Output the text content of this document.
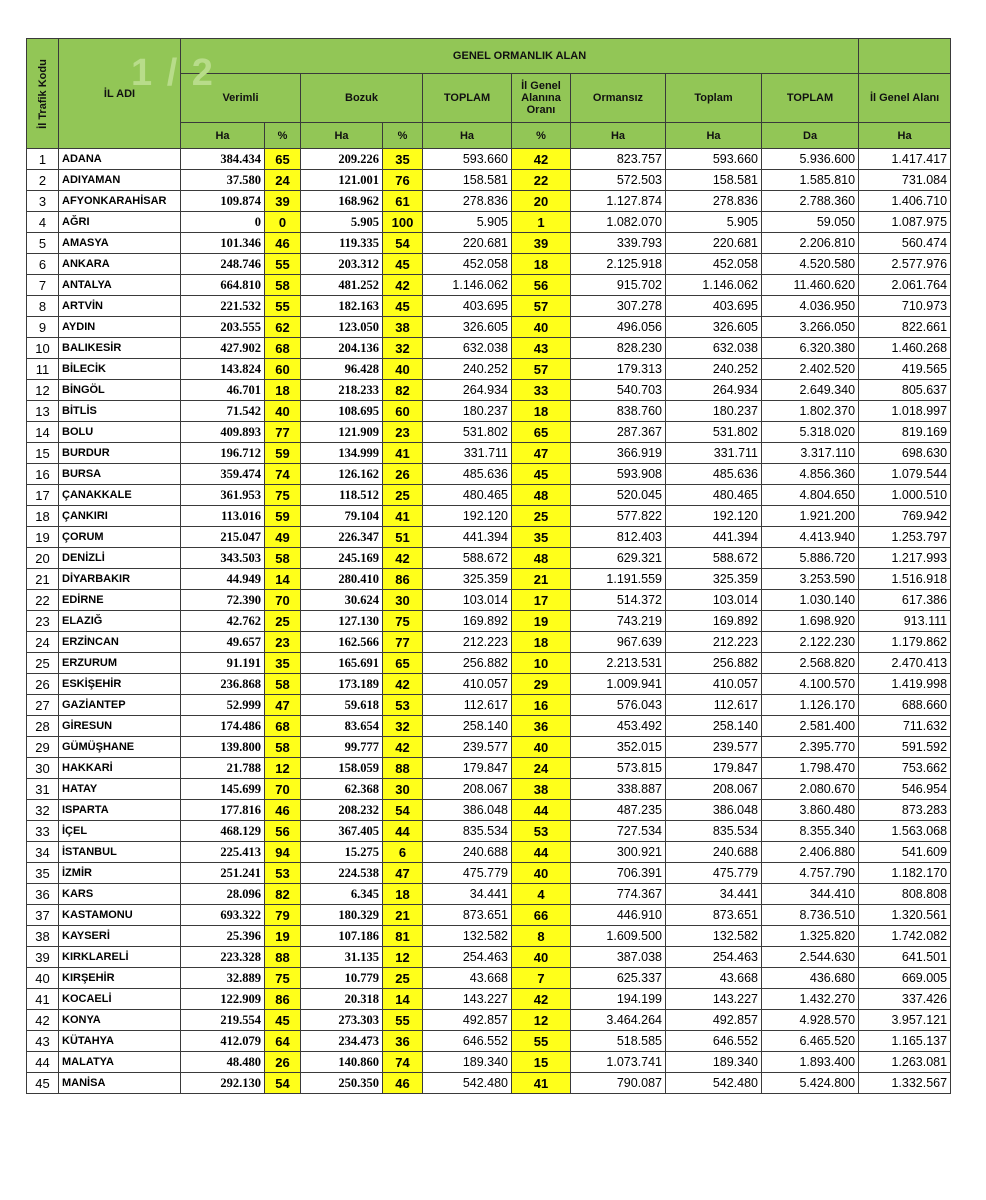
İl Trafik Kodu	1 / 2
İL ADI	GENEL ORMANLIK ALAN									
		Verimli		Bozuk		TOPLAM	İl Genel Alanına Oranı	Ormansız	Toplam	TOPLAM	İl Genel Alanı
		Ha	%	Ha	%	Ha	%	Ha	Ha	Da	Ha
1	ADANA	384.434	65	209.226	35	593.660	42	823.757	593.660	5.936.600	1.417.417
2	ADIYAMAN	37.580	24	121.001	76	158.581	22	572.503	158.581	1.585.810	731.084
3	AFYONKARAHİSAR	109.874	39	168.962	61	278.836	20	1.127.874	278.836	2.788.360	1.406.710
4	AĞRI	0	0	5.905	100	5.905	1	1.082.070	5.905	59.050	1.087.975
5	AMASYA	101.346	46	119.335	54	220.681	39	339.793	220.681	2.206.810	560.474
6	ANKARA	248.746	55	203.312	45	452.058	18	2.125.918	452.058	4.520.580	2.577.976
7	ANTALYA	664.810	58	481.252	42	1.146.062	56	915.702	1.146.062	11.460.620	2.061.764
8	ARTVİN	221.532	55	182.163	45	403.695	57	307.278	403.695	4.036.950	710.973
9	AYDIN	203.555	62	123.050	38	326.605	40	496.056	326.605	3.266.050	822.661
10	BALIKESİR	427.902	68	204.136	32	632.038	43	828.230	632.038	6.320.380	1.460.268
11	BİLECİK	143.824	60	96.428	40	240.252	57	179.313	240.252	2.402.520	419.565
12	BİNGÖL	46.701	18	218.233	82	264.934	33	540.703	264.934	2.649.340	805.637
13	BİTLİS	71.542	40	108.695	60	180.237	18	838.760	180.237	1.802.370	1.018.997
14	BOLU	409.893	77	121.909	23	531.802	65	287.367	531.802	5.318.020	819.169
15	BURDUR	196.712	59	134.999	41	331.711	47	366.919	331.711	3.317.110	698.630
16	BURSA	359.474	74	126.162	26	485.636	45	593.908	485.636	4.856.360	1.079.544
17	ÇANAKKALE	361.953	75	118.512	25	480.465	48	520.045	480.465	4.804.650	1.000.510
18	ÇANKIRI	113.016	59	79.104	41	192.120	25	577.822	192.120	1.921.200	769.942
19	ÇORUM	215.047	49	226.347	51	441.394	35	812.403	441.394	4.413.940	1.253.797
20	DENİZLİ	343.503	58	245.169	42	588.672	48	629.321	588.672	5.886.720	1.217.993
21	DİYARBAKIR	44.949	14	280.410	86	325.359	21	1.191.559	325.359	3.253.590	1.516.918
22	EDİRNE	72.390	70	30.624	30	103.014	17	514.372	103.014	1.030.140	617.386
23	ELAZIĞ	42.762	25	127.130	75	169.892	19	743.219	169.892	1.698.920	913.111
24	ERZİNCAN	49.657	23	162.566	77	212.223	18	967.639	212.223	2.122.230	1.179.862
25	ERZURUM	91.191	35	165.691	65	256.882	10	2.213.531	256.882	2.568.820	2.470.413
26	ESKİŞEHİR	236.868	58	173.189	42	410.057	29	1.009.941	410.057	4.100.570	1.419.998
27	GAZİANTEP	52.999	47	59.618	53	112.617	16	576.043	112.617	1.126.170	688.660
28	GİRESUN	174.486	68	83.654	32	258.140	36	453.492	258.140	2.581.400	711.632
29	GÜMÜŞHANE	139.800	58	99.777	42	239.577	40	352.015	239.577	2.395.770	591.592
30	HAKKARİ	21.788	12	158.059	88	179.847	24	573.815	179.847	1.798.470	753.662
31	HATAY	145.699	70	62.368	30	208.067	38	338.887	208.067	2.080.670	546.954
32	ISPARTA	177.816	46	208.232	54	386.048	44	487.235	386.048	3.860.480	873.283
33	İÇEL	468.129	56	367.405	44	835.534	53	727.534	835.534	8.355.340	1.563.068
34	İSTANBUL	225.413	94	15.275	6	240.688	44	300.921	240.688	2.406.880	541.609
35	İZMİR	251.241	53	224.538	47	475.779	40	706.391	475.779	4.757.790	1.182.170
36	KARS	28.096	82	6.345	18	34.441	4	774.367	34.441	344.410	808.808
37	KASTAMONU	693.322	79	180.329	21	873.651	66	446.910	873.651	8.736.510	1.320.561
38	KAYSERİ	25.396	19	107.186	81	132.582	8	1.609.500	132.582	1.325.820	1.742.082
39	KIRKLARELİ	223.328	88	31.135	12	254.463	40	387.038	254.463	2.544.630	641.501
40	KIRŞEHİR	32.889	75	10.779	25	43.668	7	625.337	43.668	436.680	669.005
41	KOCAELİ	122.909	86	20.318	14	143.227	42	194.199	143.227	1.432.270	337.426
42	KONYA	219.554	45	273.303	55	492.857	12	3.464.264	492.857	4.928.570	3.957.121
43	KÜTAHYA	412.079	64	234.473	36	646.552	55	518.585	646.552	6.465.520	1.165.137
44	MALATYA	48.480	26	140.860	74	189.340	15	1.073.741	189.340	1.893.400	1.263.081
45	MANİSA	292.130	54	250.350	46	542.480	41	790.087	542.480	5.424.800	1.332.567
